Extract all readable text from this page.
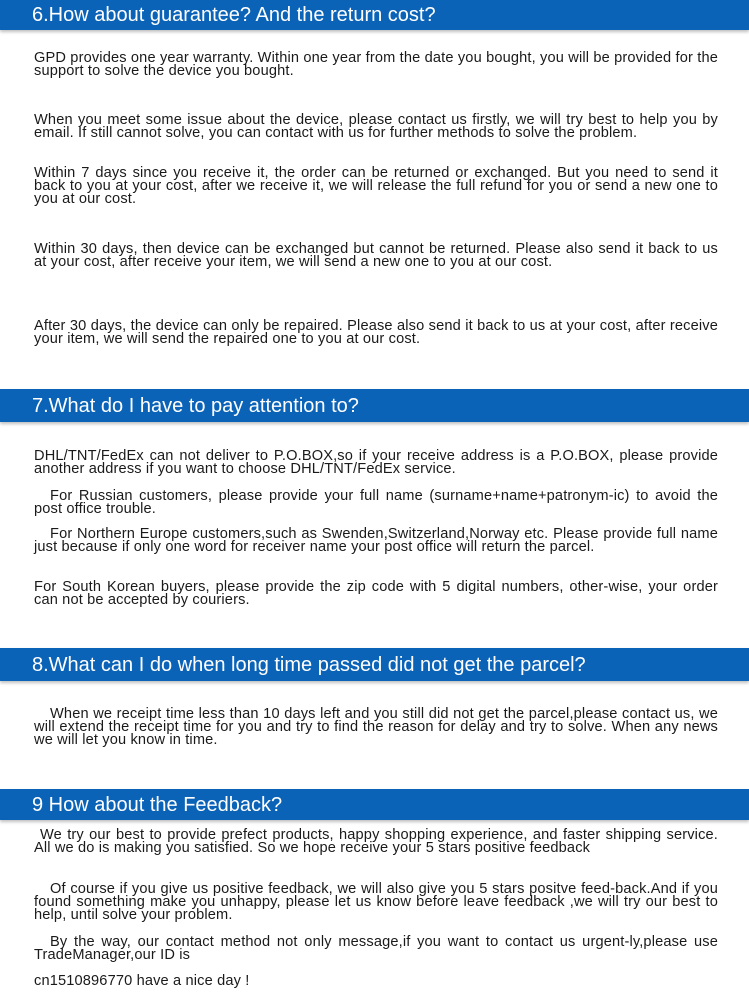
6.How about guarantee? And the return cost?

GPD provides one year warranty. Within one year from the date you bought, you will be provided for the support to solve the device you bought.

When you meet some issue about the device, please contact us firstly, we will try best to help you by email. If still cannot solve, you can contact with us for further methods to solve the problem.

Within 7 days since you receive it, the order can be returned or exchanged. But you need to send it back to you at your cost, after we receive it, we will release the full refund for you or send a new one to you at our cost.

Within 30 days, then device can be exchanged but cannot be returned. Please also send it back to us at your cost, after receive your item, we will send a new one to you at our cost.

After 30 days, the device can only be repaired. Please also send it back to us at your cost, after receive your item, we will send the repaired one to you at our cost.

7.What do I have to pay attention to?

DHL/TNT/FedEx can not deliver to P.O.BOX,so if your receive address is a P.O.BOX, please provide another address if you want to choose DHL/TNT/FedEx service.

For Russian customers, please provide your full name (surname+name+patronym-ic) to avoid the post office trouble.

For Northern Europe customers,such as Swenden,Switzerland,Norway etc. Please provide full name just because if only one word for receiver name your post office will return the parcel.

For South Korean buyers, please provide the zip code with 5 digital numbers, other-wise, your order can not be accepted by couriers.

8.What can I do when long time passed did not get the parcel?

When we receipt time less than 10 days left and you still did not get the parcel,please contact us, we will extend the receipt time for you and try to find the reason for delay and try to solve. When any news we will let you know in time.

9 How about the Feedback?

We try our best to provide prefect products, happy shopping experience, and faster shipping service. All we do is making you satisfied. So we hope receive your 5 stars positive feedback

Of course if you give us positive feedback, we will also give you 5 stars positve feed-back.And if you found something make you unhappy, please let us know before leave feedback ,we will try our best to help, until solve your problem.

By the way, our contact method not only message,if you want to contact us urgent-ly,please use TradeManager,our ID is

cn1510896770 have a nice day !
